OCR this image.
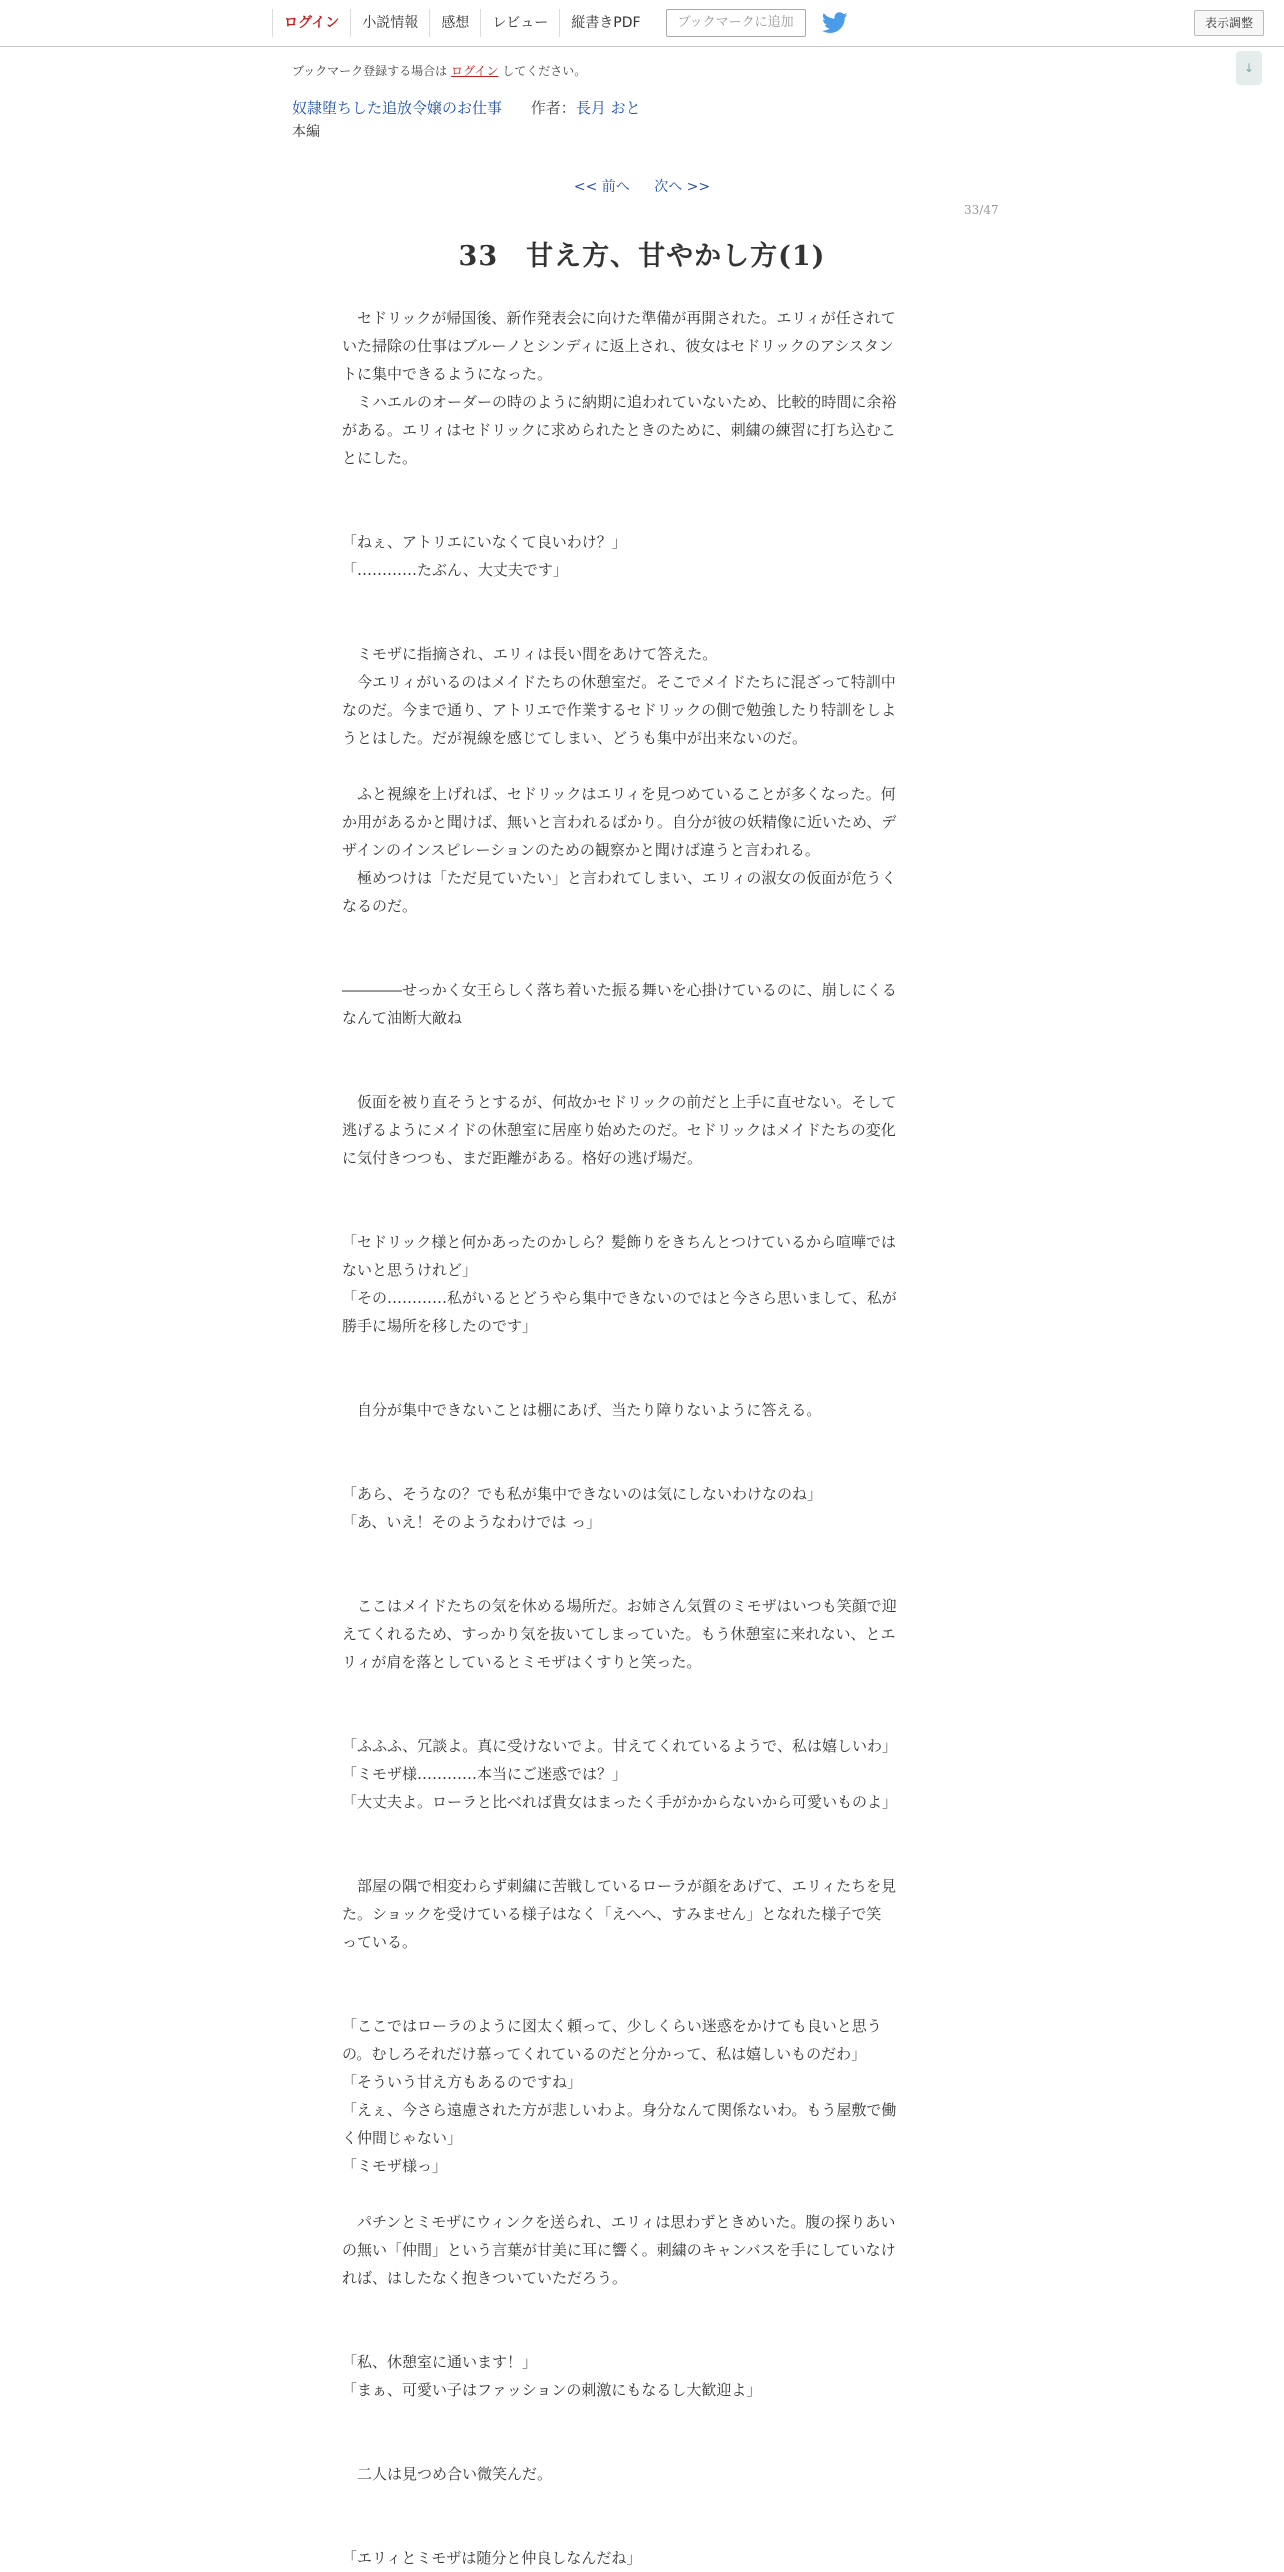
ログイン	小説情報	感想	レビュー	縦書きPDF	ブックマークに追加	表示調整
↓
ブックマーク登録する場合は ログイン してください。
奴隷堕ちした追放令嬢のお仕事 作者：長月 おと
本編
<< 前へ 次へ >>
33/47
33　甘え方、甘やかし方(1)

　セドリックが帰国後、新作発表会に向けた準備が再開された。エリィが任されて

いた掃除の仕事はブルーノとシンディに返上され、彼女はセドリックのアシスタン

トに集中できるようになった。

　ミハエルのオーダーの時のように納期に追われていないため、比較的時間に余裕

がある。エリィはセドリックに求められたときのために、刺繍の練習に打ち込むこ

とにした。

「ねぇ、アトリエにいなくて良いわけ？」

「…………たぶん、大丈夫です」

　ミモザに指摘され、エリィは長い間をあけて答えた。

　今エリィがいるのはメイドたちの休憩室だ。そこでメイドたちに混ざって特訓中

なのだ。今まで通り、アトリエで作業するセドリックの側で勉強したり特訓をしよ

うとはした。だが視線を感じてしまい、どうも集中が出来ないのだ。

　ふと視線を上げれば、セドリックはエリィを見つめていることが多くなった。何

か用があるかと聞けば、無いと言われるばかり。自分が彼の妖精像に近いため、デ

ザインのインスピレーションのための観察かと聞けば違うと言われる。

　極めつけは「ただ見ていたい」と言われてしまい、エリィの淑女の仮面が危うく

なるのだ。

――――せっかく女王らしく落ち着いた振る舞いを心掛けているのに、崩しにくる

なんて油断大敵ね

　仮面を被り直そうとするが、何故かセドリックの前だと上手に直せない。そして

逃げるようにメイドの休憩室に居座り始めたのだ。セドリックはメイドたちの変化

に気付きつつも、まだ距離がある。格好の逃げ場だ。

「セドリック様と何かあったのかしら？髪飾りをきちんとつけているから喧嘩では

ないと思うけれど」

「その…………私がいるとどうやら集中できないのではと今さら思いまして、私が

勝手に場所を移したのです」

　自分が集中できないことは棚にあげ、当たり障りないように答える。

「あら、そうなの？でも私が集中できないのは気にしないわけなのね」

「あ、いえ！そのようなわけでは っ」

　ここはメイドたちの気を休める場所だ。お姉さん気質のミモザはいつも笑顔で迎

えてくれるため、すっかり気を抜いてしまっていた。もう休憩室に来れない、とエ

リィが肩を落としているとミモザはくすりと笑った。

「ふふふ、冗談よ。真に受けないでよ。甘えてくれているようで、私は嬉しいわ」

「ミモザ様…………本当にご迷惑では？」

「大丈夫よ。ローラと比べれば貴女はまったく手がかからないから可愛いものよ」

　部屋の隅で相変わらず刺繍に苦戦しているローラが顔をあげて、エリィたちを見

た。ショックを受けている様子はなく「えへへ、すみません」となれた様子で笑

っている。

「ここではローラのように図太く頼って、少しくらい迷惑をかけても良いと思う

の。むしろそれだけ慕ってくれているのだと分かって、私は嬉しいものだわ」

「そういう甘え方もあるのですね」

「えぇ、今さら遠慮された方が悲しいわよ。身分なんて関係ないわ。もう屋敷で働

く仲間じゃない」

「ミモザ様っ」

　パチンとミモザにウィンクを送られ、エリィは思わずときめいた。腹の探りあい

の無い「仲間」という言葉が甘美に耳に響く。刺繍のキャンバスを手にしていなけ

れば、はしたなく抱きついていただろう。

「私、休憩室に通います！」

「まぁ、可愛い子はファッションの刺激にもなるし大歓迎よ」

　二人は見つめ合い微笑んだ。

「エリィとミモザは随分と仲良しなんだね」
